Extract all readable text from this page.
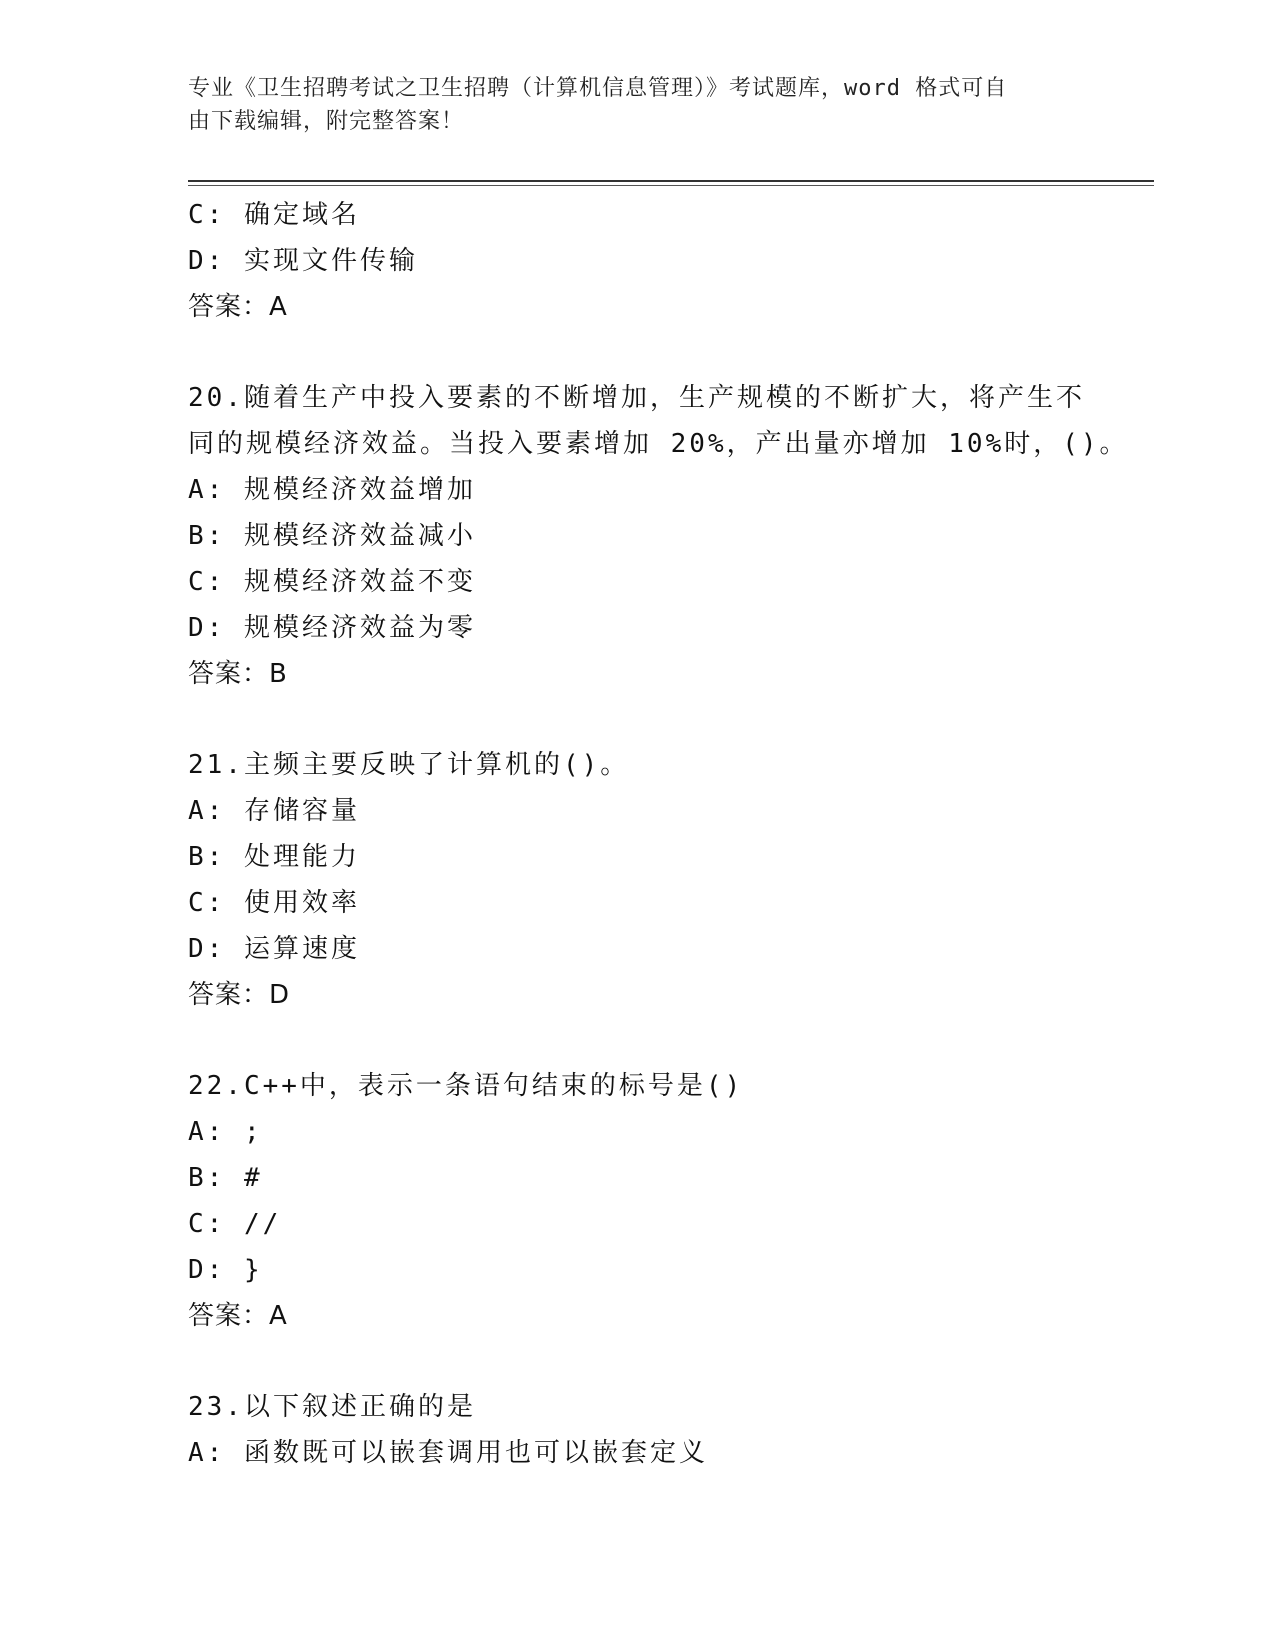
专业《卫生招聘考试之卫生招聘（计算机信息管理）》考试题库，word 格式可自
由下载编辑，附完整答案！
C: 确定域名
D: 实现文件传输
答案：A
20.随着生产中投入要素的不断增加，生产规模的不断扩大，将产生不
同的规模经济效益。当投入要素增加 20%，产出量亦增加 10%时，()。
A: 规模经济效益增加
B: 规模经济效益减小
C: 规模经济效益不变
D: 规模经济效益为零
答案：B
21.主频主要反映了计算机的()。
A: 存储容量
B: 处理能力
C: 使用效率
D: 运算速度
答案：D
22.C++中，表示一条语句结束的标号是()
A: ;
B: #
C: //
D: }
答案：A
23.以下叙述正确的是
A: 函数既可以嵌套调用也可以嵌套定义
